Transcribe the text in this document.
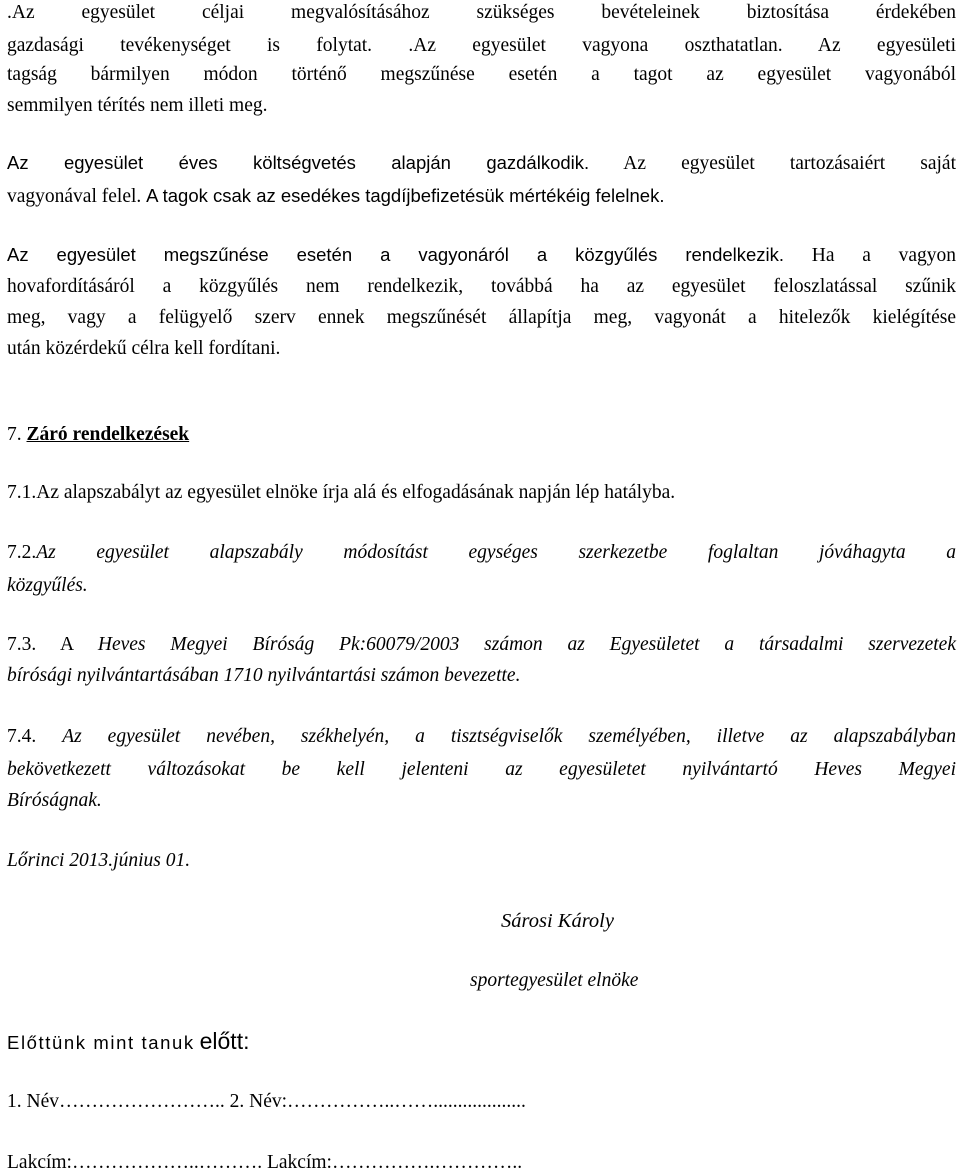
.Az egyesület céljai megvalósításához szükséges bevételeinek biztosítása érdekében
gazdasági tevékenységet is folytat. .Az egyesület vagyona oszthatatlan. Az egyesületi
tagság bármilyen módon történő megszűnése esetén a tagot az egyesület vagyonából
semmilyen térítés nem illeti meg.
Az egyesület éves költségvetés alapján gazdálkodik. Az egyesület tartozásaiért saját
vagyonával felel. A tagok csak az esedékes tagdíjbefizetésük mértékéig felelnek.
Az egyesület megszűnése esetén a vagyonáról a közgyűlés rendelkezik. Ha a vagyon
hovafordításáról a közgyűlés nem rendelkezik, továbbá ha az egyesület feloszlatással szűnik
meg, vagy a felügyelő szerv ennek megszűnését állapítja meg, vagyonát a hitelezők kielégítése
után közérdekű célra kell fordítani.
7. Záró rendelkezések
7.1.Az alapszabályt az egyesület elnöke írja alá és elfogadásának napján lép hatályba.
7.2.Az egyesület alapszabály módosítást egységes szerkezetbe foglaltan jóváhagyta a
közgyűlés.
7.3. A Heves Megyei Bíróság Pk:60079/2003 számon az Egyesületet a társadalmi szervezetek
bírósági nyilvántartásában 1710 nyilvántartási számon bevezette.
7.4. Az egyesület nevében, székhelyén, a tisztségviselők személyében, illetve az alapszabályban
bekövetkezett változásokat be kell jelenteni az egyesületet nyilvántartó Heves Megyei
Bíróságnak.
Lőrinci 2013.június 01.
Sárosi Károly
sportegyesület elnöke
Előttünk mint tanuk előtt:
1. Név…………………….. 2. Név:……………..……...................
Lakcím:………………..………. Lakcím:…………….…………..
